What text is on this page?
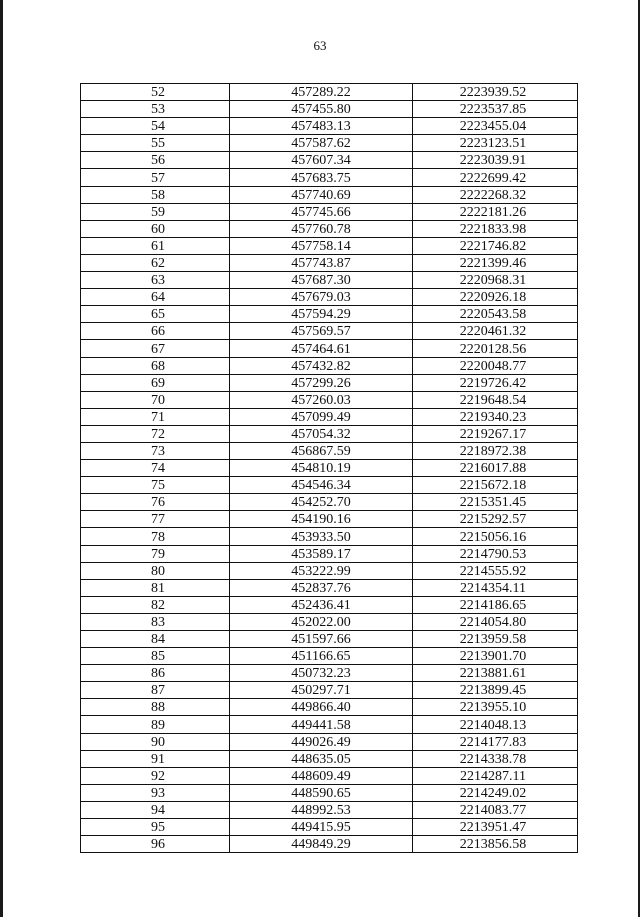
63
52	457289.22	2223939.52
53	457455.80	2223537.85
54	457483.13	2223455.04
55	457587.62	2223123.51
56	457607.34	2223039.91
57	457683.75	2222699.42
58	457740.69	2222268.32
59	457745.66	2222181.26
60	457760.78	2221833.98
61	457758.14	2221746.82
62	457743.87	2221399.46
63	457687.30	2220968.31
64	457679.03	2220926.18
65	457594.29	2220543.58
66	457569.57	2220461.32
67	457464.61	2220128.56
68	457432.82	2220048.77
69	457299.26	2219726.42
70	457260.03	2219648.54
71	457099.49	2219340.23
72	457054.32	2219267.17
73	456867.59	2218972.38
74	454810.19	2216017.88
75	454546.34	2215672.18
76	454252.70	2215351.45
77	454190.16	2215292.57
78	453933.50	2215056.16
79	453589.17	2214790.53
80	453222.99	2214555.92
81	452837.76	2214354.11
82	452436.41	2214186.65
83	452022.00	2214054.80
84	451597.66	2213959.58
85	451166.65	2213901.70
86	450732.23	2213881.61
87	450297.71	2213899.45
88	449866.40	2213955.10
89	449441.58	2214048.13
90	449026.49	2214177.83
91	448635.05	2214338.78
92	448609.49	2214287.11
93	448590.65	2214249.02
94	448992.53	2214083.77
95	449415.95	2213951.47
96	449849.29	2213856.58
